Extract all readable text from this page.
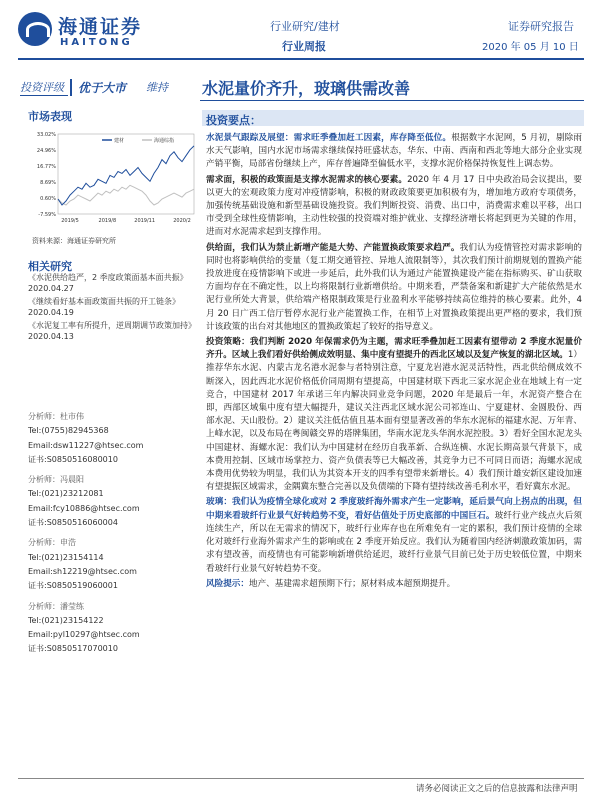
海通证券
HAITONG
行业研究/建材
行业周报
证券研究报告
2020 年 05 月 10 日
投资评级	优于大市	维持 水泥量价齐升，玻璃供需改善
市场表现
33.02%
24.96%
16.77%
8.69%
0.60%
-7.59%
2019/5	2019/8	2019/11	2020/2
建材	海通综指
资料来源：海通证券研究所
相关研究
《水泥供给趋严，2 季度政策面基本面共振》2020.04.27
《继续看好基本面政策面共振的开工链条》2020.04.19
《水泥复工率有所提升，逆周期调节政策加持》2020.04.13
分析师：杜市伟
Tel:(0755)82945368
Email:dsw11227@htsec.com
证书:S0850516080010
分析师：冯晨阳
Tel:(021)23212081
Email:fcy10886@htsec.com
证书:S0850516060004
分析师：申浩
Tel:(021)23154114
Email:sh12219@htsec.com
证书:S0850519060001
分析师：潘莹练
Tel:(021)23154122
Email:pyl10297@htsec.com
证书:S0850517070010
投资要点：

水泥景气跟踪及展望：需求旺季叠加赶工因素，库存降至低位。根据数字水泥网，5 月初，剔除雨水天气影响，国内水泥市场需求继续保持旺盛状态，华东、中南、西南和西北等地大部分企业实现产销平衡，局部省份继续上产，库存普遍降至偏低水平，支撑水泥价格保持恢复性上调态势。

需求面，积极的政策面是支撑水泥需求的核心要素。2020 年 4 月 17 日中央政治局会议提出，要以更大的宏观政策力度对冲疫情影响，积极的财政政策要更加积极有为，增加地方政府专项债务，加强传统基础设施和新型基础设施投资。我们判断投资、消费、出口中，消费需求难以平移，出口市受到全球性疫情影响，主动性较强的投资端对维护就业、支撑经济增长将起到更为关键的作用，进而对水泥需求起到支撑作用。

供给面，我们认为禁止新增产能是大势、产能置换政策要求趋严。我们认为疫情管控对需求影响的同时也将影响供给的变量（复工期交通管控、异地人流限制等），其次我们预计前期规划的置换产能投放进度在疫情影响下或进一步延后，此外我们认为通过产能置换建设产能在指标购买、矿山获取方面均存在不确定性，以上均将限制行业新增供给。中期来看，严禁备案和新建扩大产能依然是水泥行业所处大背景，供给端产格限制政策是行业盈利水平能够持续高位维持的核心要素。此外，4 月 20 日广西工信厅暂停水泥行业产能置换工作，在相节上对置换政策提出更严格的要求，我们预计该政策的出台对其他地区的置换政策起了较好的指导意义。

投资策略：我们判断 2020 年保需求仍为主题，需求旺季叠加赶工因素有望带动 2 季度水泥量价齐升。区域上我们看好供给侧成效明显、集中度有望提升的西北区域以及复产恢复的湖北区域。1）推荐华东水泥、内蒙古龙名港水泥参与者特别注意，宁夏龙岩港水泥灵活特性，西北供给侧成效不断深入，因此西北水泥价格低价同周期有望提高，中国建材联下西北三家水泥企业在地域上有一定竞合，中国建材 2017 年承诺三年内解决同业竞争问题，2020 年是最后一年，水泥资产整合在即，西部区域集中度有望大幅提升，建议关注西北区域水泥公司祁连山、宁夏建材、金圆股份、西部水泥、天山股份。2）建议关注低估值且基本面有望显著改善的华东水泥标的福建水泥、万年青、上峰水泥，以及布局在粤闽赣交界的塔牌集团，华南水泥龙头华润水泥控股。3）看好全国水泥龙头中国建材、海螺水泥：我们认为中国建材在经历自我革新、合纵连横、水泥长期高景气背景下，成本费用控制、区域市场掌控力、资产负债表等已大幅改善，其竞争力已不可同日而语；海螺水泥成本费用优势较为明显，我们认为其资本开支的四季有望带来新增长。4）我们预计雄安新区建设加速有望提振区域需求，金隅冀东整合完善以及负债端的下降有望持续改善毛利水平，看好冀东水泥。

玻璃：我们认为疫情全球化或对 2 季度玻纤海外需求产生一定影响，延后景气向上拐点的出现，但中期来看玻纤行业景气好转趋势不变，看好估值处于历史底部的中国巨石。玻纤行业产线点火后须连续生产，所以在无需求的情况下，玻纤行业库存也在所难免有一定的累积，我们预计疫情的全球化对玻纤行业海外需求产生的影响或在 2 季度开始反应。我们认为随着国内经济刺激政策加码，需求有望改善，而疫情也有可能影响新增供给延迟，玻纤行业景气目前已处于历史较低位置，中期来看玻纤行业景气好转趋势不变。

风险提示：地产、基建需求超预期下行；原材料成本超预期提升。

请务必阅读正文之后的信息披露和法律声明
